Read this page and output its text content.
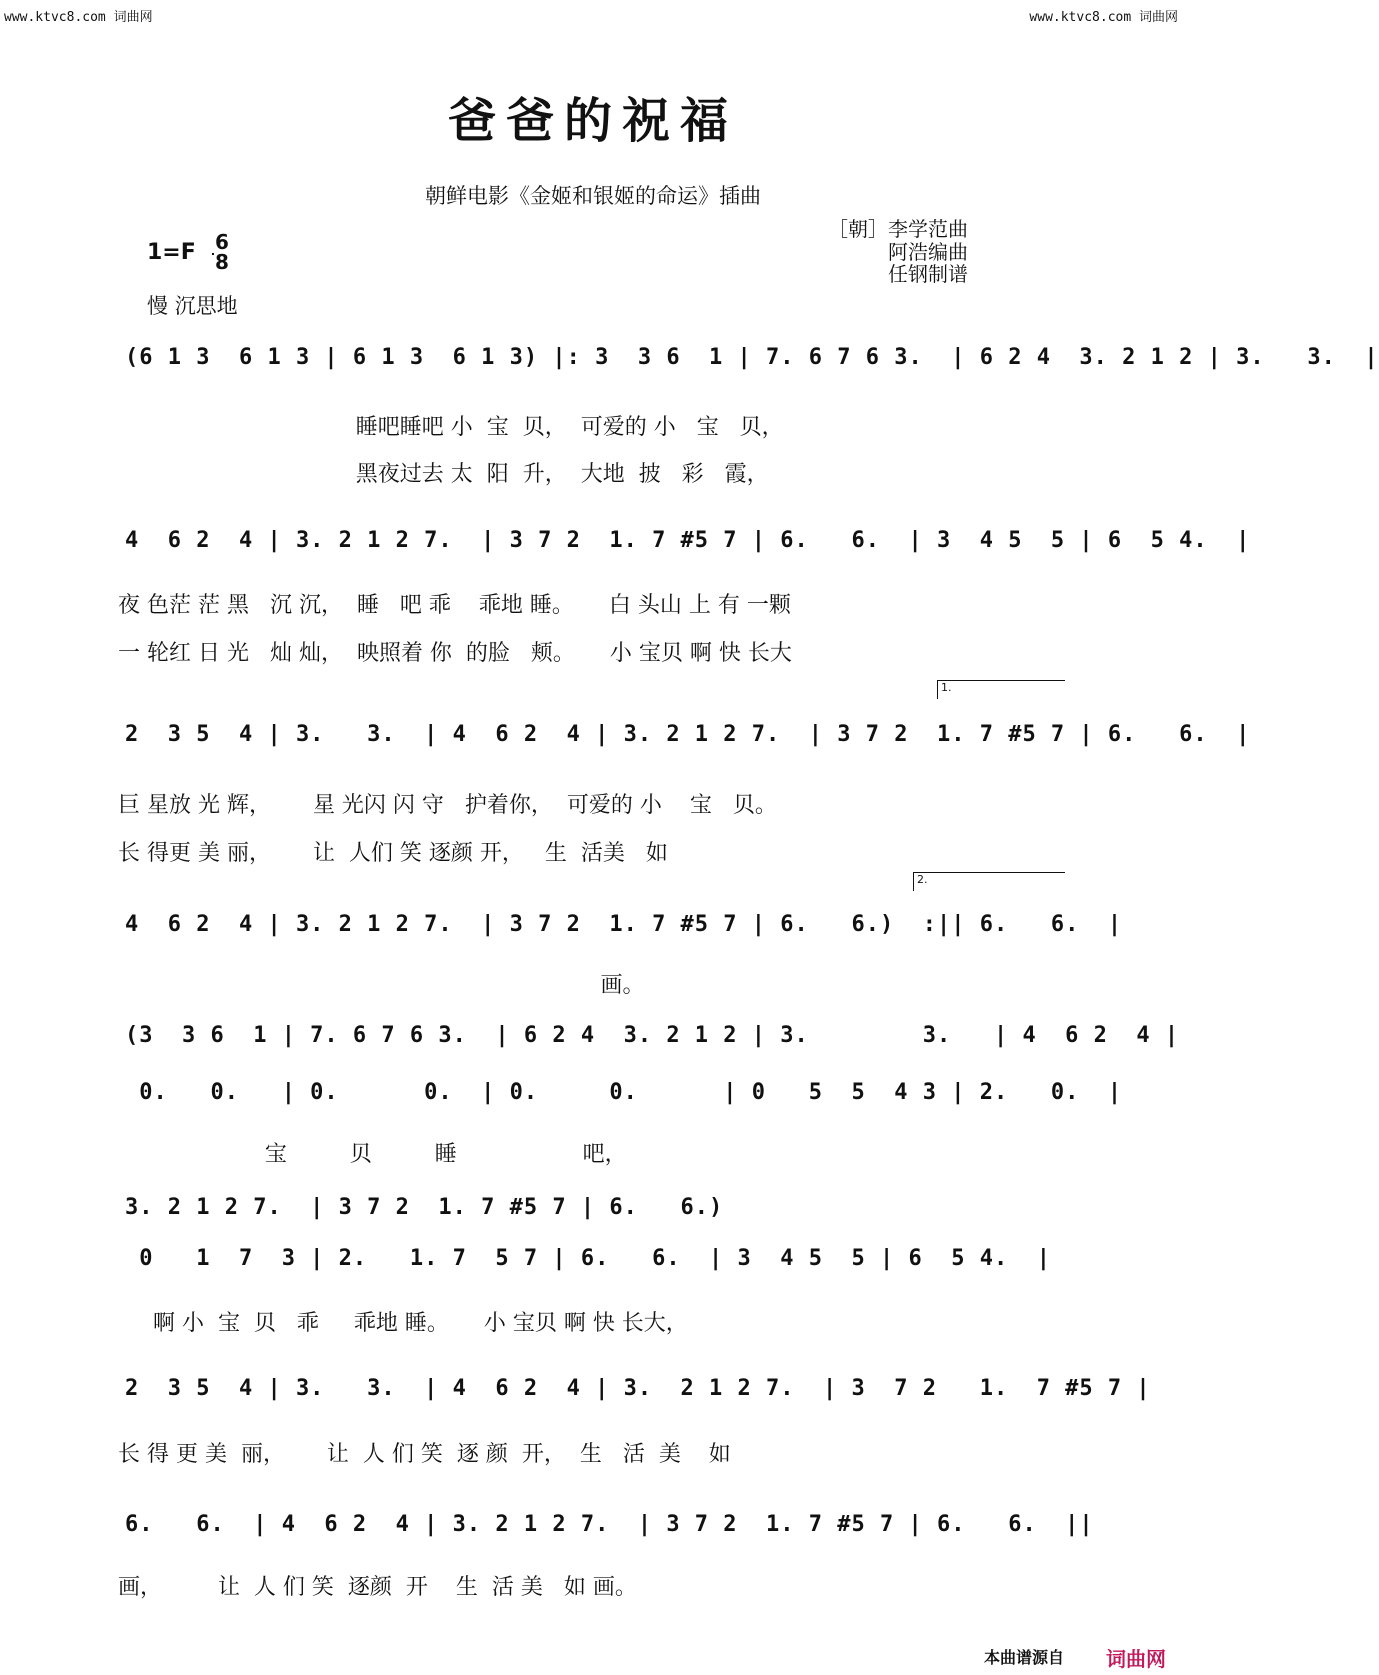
www.ktvc8.com 词曲网	www.ktvc8.com 词曲网
爸爸的祝福
朝鲜电影《金姬和银姬的命运》插曲
［朝］李学范曲
阿浩编曲
任钢制谱
1=F 6
8
慢 沉思地
(6 1 3  6 1 3 | 6 1 3  6 1 3) |: 3  3 6  1 | 7. 6 7 6 3.  | 6 2 4  3. 2 1 2 | 3.   3.  |
睡吧睡吧 小  宝  贝，  可爱的 小   宝   贝，
黑夜过去 太  阳  升，  大地  披   彩   霞，
4  6 2  4 | 3. 2 1 2 7.  | 3 7 2  1. 7 #5 7 | 6.   6.  | 3  4 5  5 | 6  5 4.  |
夜 色茫 茫 黑   沉 沉，  睡   吧 乖    乖地 睡。     白 头山 上 有 一颗
一 轮红 日 光   灿 灿，  映照着 你  的脸   颊。     小 宝贝 啊 快 长大
1.
2  3 5  4 | 3.   3.  | 4  6 2  4 | 3. 2 1 2 7.  | 3 7 2  1. 7 #5 7 | 6.   6.  |
巨 星放 光 辉，      星 光闪 闪 守   护着你，  可爱的 小    宝   贝。
长 得更 美 丽，      让  人们 笑 逐颜 开，   生  活美   如
2.
4  6 2  4 | 3. 2 1 2 7.  | 3 7 2  1. 7 #5 7 | 6.   6.)  :|| 6.   6.  |
画。
(3  3 6  1 | 7. 6 7 6 3.  | 6 2 4  3. 2 1 2 | 3.        3.   | 4  6 2  4 |
0.   0.   | 0.      0.  | 0.     0.      | 0   5  5  4 3 | 2.   0.  |
宝         贝         睡                  吧，
3. 2 1 2 7.  | 3 7 2  1. 7 #5 7 | 6.   6.)
0   1  7  3 | 2.   1. 7  5 7 | 6.   6.  | 3  4 5  5 | 6  5 4.  |
啊 小  宝  贝   乖     乖地 睡。     小 宝贝 啊 快 长大，
2  3 5  4 | 3.   3.  | 4  6 2  4 | 3.  2 1 2 7.  | 3  7 2   1.  7 #5 7 |
长 得 更 美  丽，      让  人 们 笑  逐 颜  开，  生   活  美    如
6.   6.  | 4  6 2  4 | 3. 2 1 2 7.  | 3 7 2  1. 7 #5 7 | 6.   6.  ||
画，        让  人 们 笑  逐颜  开    生  活 美   如 画。
本曲谱源自 词曲网
